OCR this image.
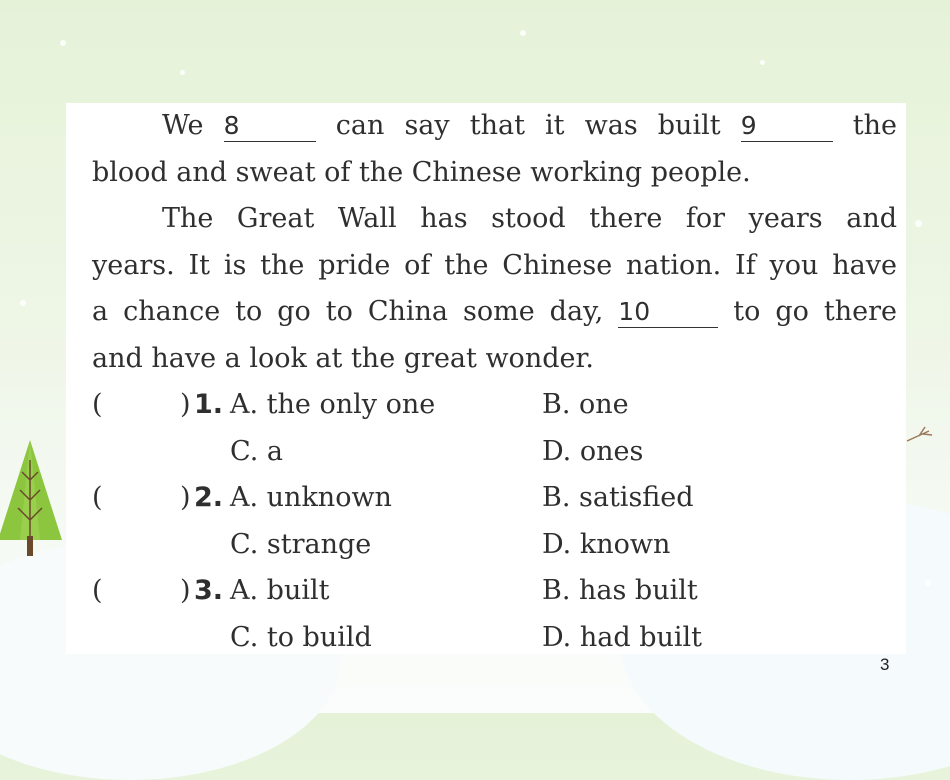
We 8	can say that it was built 9	the
blood and sweat of the Chinese working people.
The Great Wall has stood there for years and
years. It is the pride of the Chinese nation. If you have
a chance to go to China some day, 10	to go there
and have a look at the great wonder.
(	) 1. A. the only one	B. one
C. a	D. ones
(	) 2. A. unknown	B. satisfied
C. strange	D. known
(	) 3. A. built	B. has built
C. to build	D. had built
3
